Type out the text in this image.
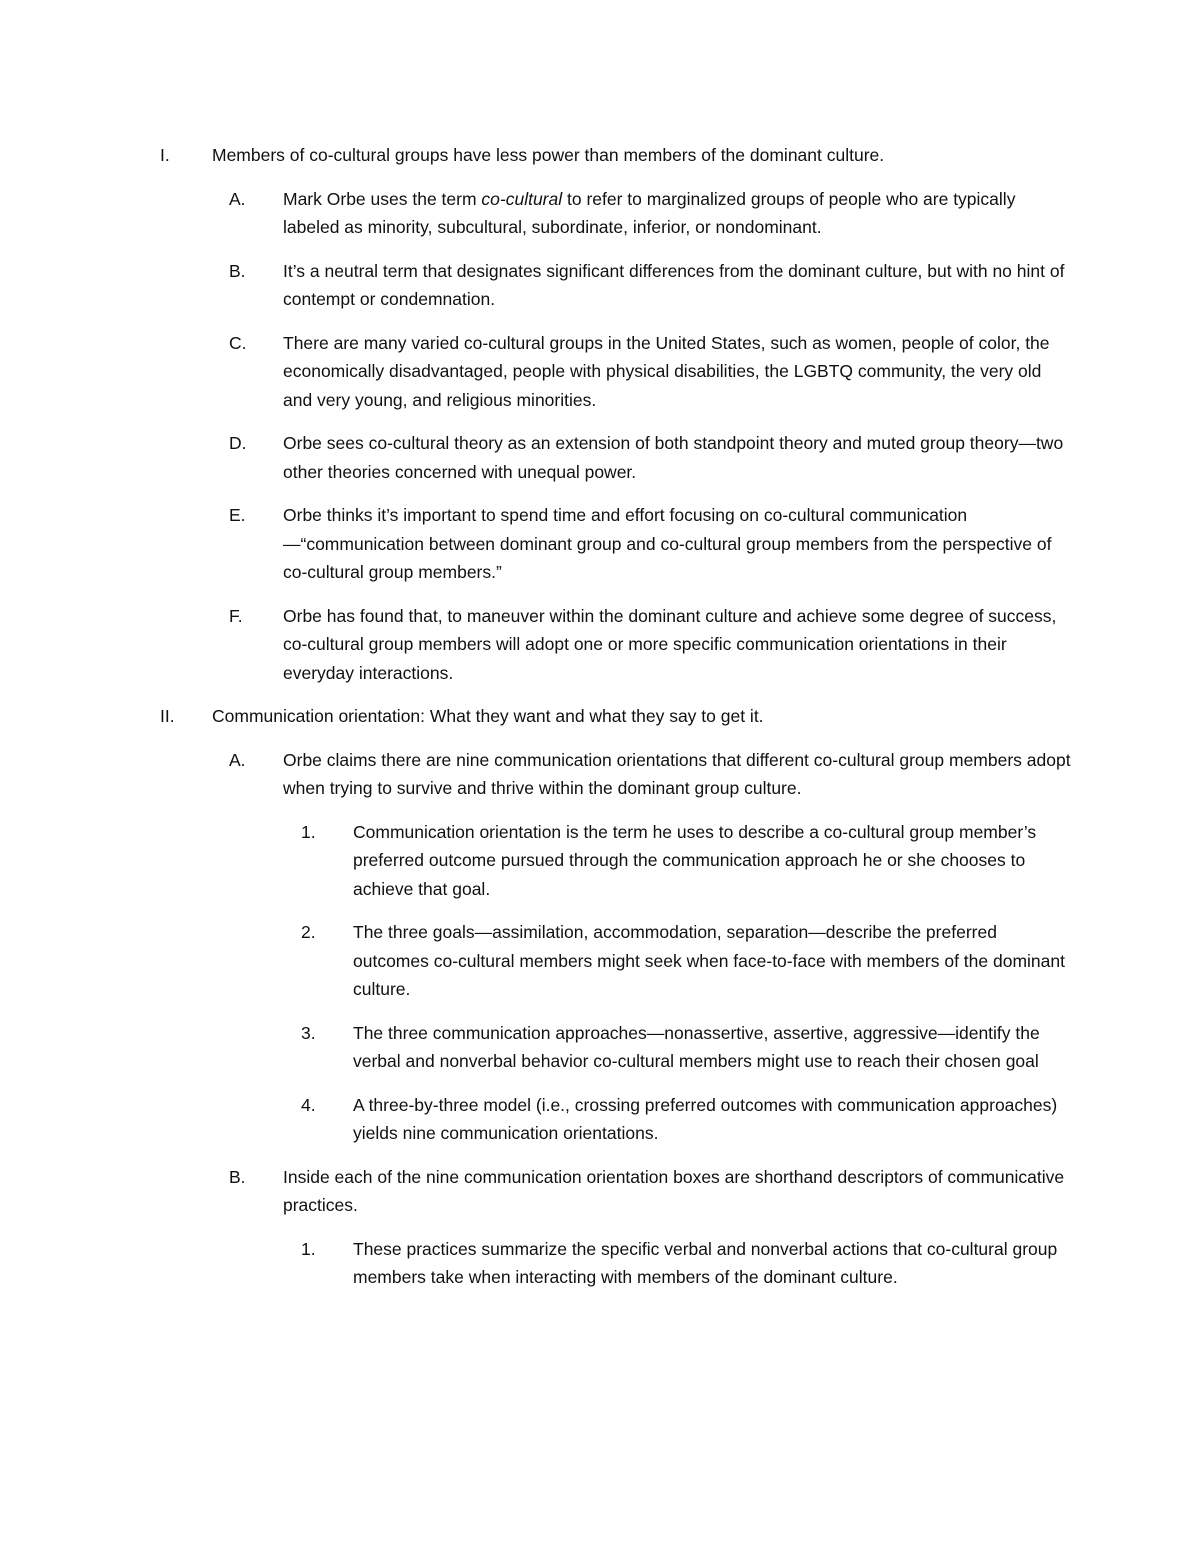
I.	Members of co-cultural groups have less power than members of the dominant culture.
A.	Mark Orbe uses the term co-cultural to refer to marginalized groups of people who are typically labeled as minority, subcultural, subordinate, inferior, or nondominant.
B.	It’s a neutral term that designates significant differences from the dominant culture, but with no hint of contempt or condemnation.
C.	There are many varied co-cultural groups in the United States, such as women, people of color, the economically disadvantaged, people with physical disabilities, the LGBTQ community, the very old and very young, and religious minorities.
D.	Orbe sees co-cultural theory as an extension of both standpoint theory and muted group theory—two other theories concerned with unequal power.
E.	Orbe thinks it’s important to spend time and effort focusing on co-cultural communication—“communication between dominant group and co-cultural group members from the perspective of co-cultural group members.”
F.	Orbe has found that, to maneuver within the dominant culture and achieve some degree of success, co-cultural group members will adopt one or more specific communication orientations in their everyday interactions.
II.	Communication orientation: What they want and what they say to get it.
A.	Orbe claims there are nine communication orientations that different co-cultural group members adopt when trying to survive and thrive within the dominant group culture.
1.	Communication orientation is the term he uses to describe a co-cultural group member’s preferred outcome pursued through the communication approach he or she chooses to achieve that goal.
2.	The three goals—assimilation, accommodation, separation—describe the preferred outcomes co-cultural members might seek when face-to-face with members of the dominant culture.
3.	The three communication approaches—nonassertive, assertive, aggressive—identify the verbal and nonverbal behavior co-cultural members might use to reach their chosen goal
4.	A three-by-three model (i.e., crossing preferred outcomes with communication approaches) yields nine communication orientations.
B.	Inside each of the nine communication orientation boxes are shorthand descriptors of communicative practices.
1.	These practices summarize the specific verbal and nonverbal actions that co-cultural group members take when interacting with members of the dominant culture.
